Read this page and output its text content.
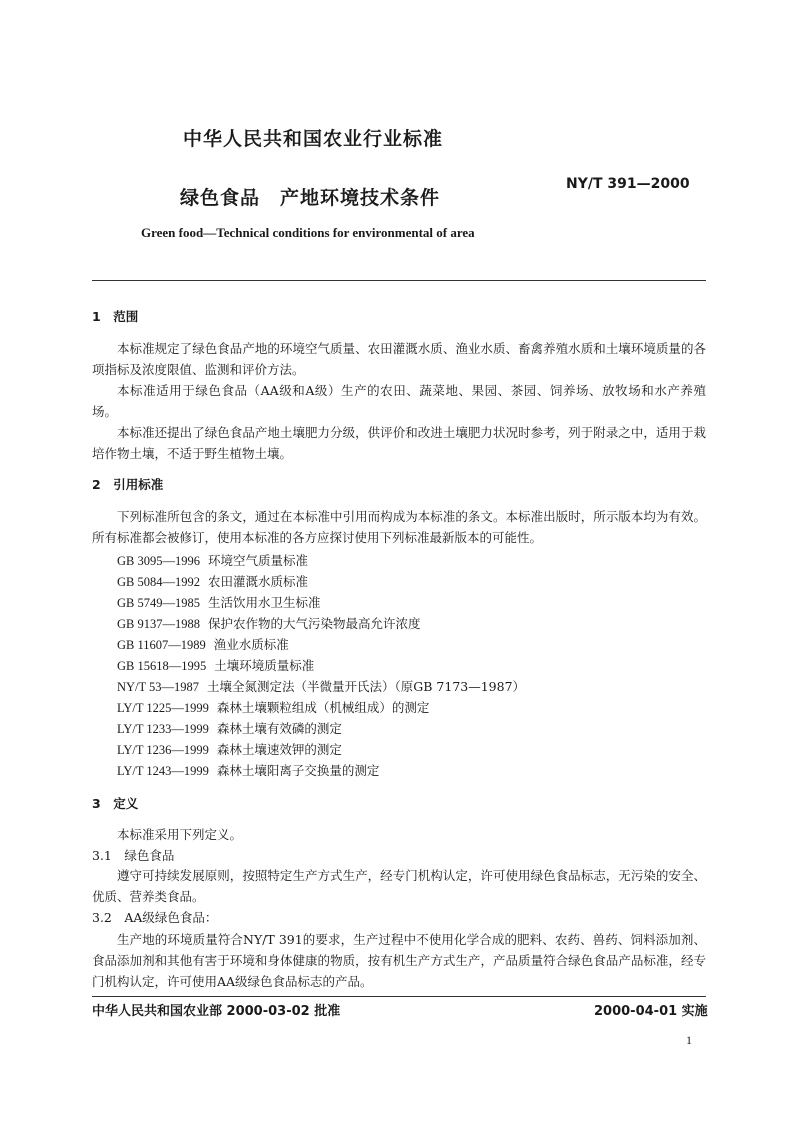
中华人民共和国农业行业标准
绿色食品　产地环境技术条件
NY/T 391—2000
Green food—Technical conditions for environmental of area
1　范围
本标准规定了绿色食品产地的环境空气质量、农田灌溉水质、渔业水质、畜禽养殖水质和土壤环境质量的各项指标及浓度限值、监测和评价方法。
本标准适用于绿色食品（AA级和A级）生产的农田、蔬菜地、果园、茶园、饲养场、放牧场和水产养殖场。
本标准还提出了绿色食品产地土壤肥力分级，供评价和改进土壤肥力状况时参考，列于附录之中，适用于栽培作物土壤，不适于野生植物土壤。
2　引用标准
下列标准所包含的条文，通过在本标准中引用而构成为本标准的条文。本标准出版时，所示版本均为有效。所有标准都会被修订，使用本标准的各方应探讨使用下列标准最新版本的可能性。
GB 3095—1996 环境空气质量标准
GB 5084—1992 农田灌溉水质标准
GB 5749—1985 生活饮用水卫生标准
GB 9137—1988 保护农作物的大气污染物最高允许浓度
GB 11607—1989 渔业水质标准
GB 15618—1995 土壤环境质量标准
NY/T 53—1987 土壤全氮测定法（半微量开氏法）（原GB 7173—1987）
LY/T 1225—1999 森林土壤颗粒组成（机械组成）的测定
LY/T 1233—1999 森林土壤有效磷的测定
LY/T 1236—1999 森林土壤速效钾的测定
LY/T 1243—1999 森林土壤阳离子交换量的测定
3　定义
本标准采用下列定义。
3.1　绿色食品
遵守可持续发展原则，按照特定生产方式生产，经专门机构认定，许可使用绿色食品标志，无污染的安全、优质、营养类食品。
3.2　AA级绿色食品：
生产地的环境质量符合NY/T 391的要求，生产过程中不使用化学合成的肥料、农药、兽药、饲料添加剂、食品添加剂和其他有害于环境和身体健康的物质，按有机生产方式生产，产品质量符合绿色食品产品标准，经专门机构认定，许可使用AA级绿色食品标志的产品。
中华人民共和国农业部 2000-03-02 批准	2000-04-01 实施
1
